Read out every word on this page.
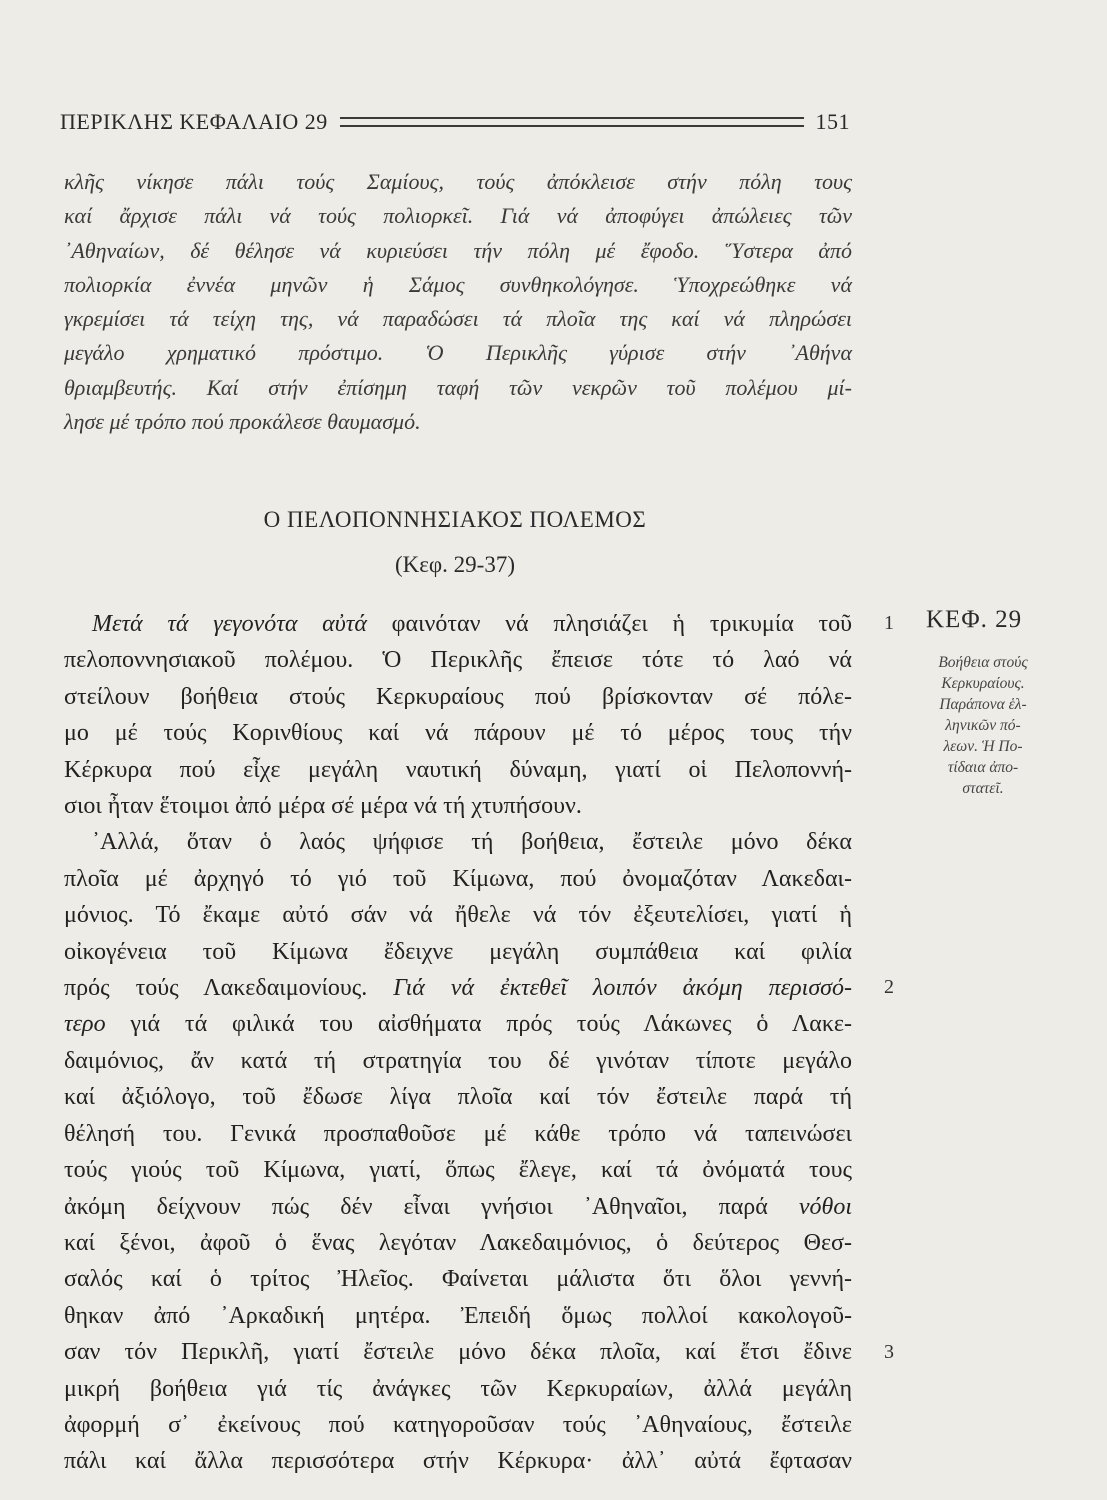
ΠΕΡΙΚΛΗΣ ΚΕΦΑΛΑΙΟ 29	151
κλῆς νίκησε πάλι τούς Σαμίους, τούς ἀπόκλεισε στήν πόλη τους
καί ἄρχισε πάλι νά τούς πολιορκεῖ. Γιά νά ἀποφύγει ἀπώλειες τῶν
᾿Αθηναίων, δέ θέλησε νά κυριεύσει τήν πόλη μέ ἔφοδο. Ὕστερα ἀπό
πολιορκία ἐννέα μηνῶν ἡ Σάμος συνθηκολόγησε. Ὑποχρεώθηκε νά
γκρεμίσει τά τείχη της, νά παραδώσει τά πλοῖα της καί νά πληρώσει
μεγάλο χρηματικό πρόστιμο. Ὁ Περικλῆς γύρισε στήν ᾿Αθήνα
θριαμβευτής. Καί στήν ἐπίσημη ταφή τῶν νεκρῶν τοῦ πολέμου μί-
λησε μέ τρόπο πού προκάλεσε θαυμασμό.
Ο ΠΕΛΟΠΟΝΝΗΣΙΑΚΟΣ ΠΟΛΕΜΟΣ
(Κεφ. 29-37)
Μετά τά γεγονότα αὐτά φαινόταν νά πλησιάζει ἡ τρικυμία τοῦ
πελοποννησιακοῦ πολέμου. Ὁ Περικλῆς ἔπεισε τότε τό λαό νά
στείλουν βοήθεια στούς Κερκυραίους πού βρίσκονταν σέ πόλε-
μο μέ τούς Κορινθίους καί νά πάρουν μέ τό μέρος τους τήν
Κέρκυρα πού εἶχε μεγάλη ναυτική δύναμη, γιατί οἱ Πελοποννή-
σιοι ἦταν ἕτοιμοι ἀπό μέρα σέ μέρα νά τή χτυπήσουν.
᾿Αλλά, ὅταν ὁ λαός ψήφισε τή βοήθεια, ἔστειλε μόνο δέκα
πλοῖα μέ ἀρχηγό τό γιό τοῦ Κίμωνα, πού ὀνομαζόταν Λακεδαι-
μόνιος. Τό ἔκαμε αὐτό σάν νά ἤθελε νά τόν ἐξευτελίσει, γιατί ἡ
οἰκογένεια τοῦ Κίμωνα ἔδειχνε μεγάλη συμπάθεια καί φιλία
πρός τούς Λακεδαιμονίους. Γιά νά ἐκτεθεῖ λοιπόν ἀκόμη περισσό-
τερο γιά τά φιλικά του αἰσθήματα πρός τούς Λάκωνες ὁ Λακε-
δαιμόνιος, ἄν κατά τή στρατηγία του δέ γινόταν τίποτε μεγάλο
καί ἀξιόλογο, τοῦ ἔδωσε λίγα πλοῖα καί τόν ἔστειλε παρά τή
θέλησή του. Γενικά προσπαθοῦσε μέ κάθε τρόπο νά ταπεινώσει
τούς γιούς τοῦ Κίμωνα, γιατί, ὅπως ἔλεγε, καί τά ὀνόματά τους
ἀκόμη δείχνουν πώς δέν εἶναι γνήσιοι ᾿Αθηναῖοι, παρά νόθοι
καί ξένοι, ἀφοῦ ὁ ἕνας λεγόταν Λακεδαιμόνιος, ὁ δεύτερος Θεσ-
σαλός καί ὁ τρίτος Ἠλεῖος. Φαίνεται μάλιστα ὅτι ὅλοι γεννή-
θηκαν ἀπό ᾿Αρκαδική μητέρα. Ἐπειδή ὅμως πολλοί κακολογοῦ-
σαν τόν Περικλῆ, γιατί ἔστειλε μόνο δέκα πλοῖα, καί ἔτσι ἔδινε
μικρή βοήθεια γιά τίς ἀνάγκες τῶν Κερκυραίων, ἀλλά μεγάλη
ἀφορμή σ᾿ ἐκείνους πού κατηγοροῦσαν τούς ᾿Αθηναίους, ἔστειλε
πάλι καί ἄλλα περισσότερα στήν Κέρκυρα· ἀλλ᾿ αὐτά ἔφτασαν
1
2
3
ΚΕΦ. 29
Βοήθεια στούς
Κερκυραίους.
Παράπονα ἑλ-
ληνικῶν πό-
λεων. Ἡ Πο-
τίδαια ἀπο-
στατεῖ.
